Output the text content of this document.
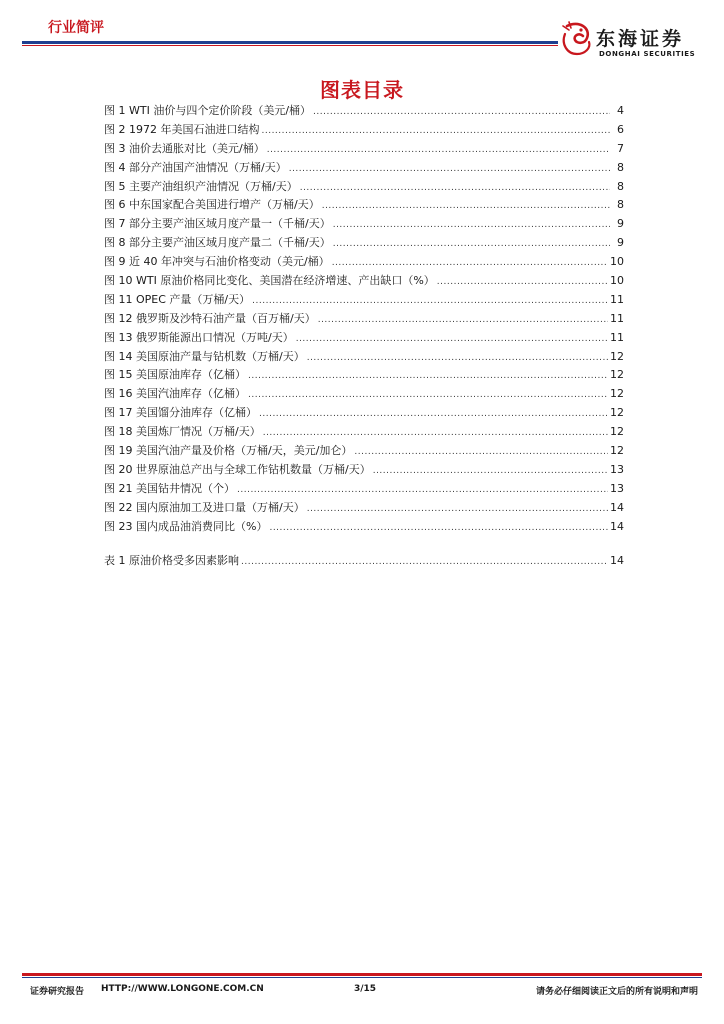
行业简评	东海证券
DONGHAI SECURITIES
图表目录
图 1 WTI 油价与四个定价阶段（美元/桶） .....	4
图 2 1972 年美国石油进口结构 .....	6
图 3 油价去通胀对比（美元/桶） .....	7
图 4 部分产油国产油情况（万桶/天） .....	8
图 5 主要产油组织产油情况（万桶/天） .....	8
图 6 中东国家配合美国进行增产（万桶/天） .....	8
图 7 部分主要产油区域月度产量一（千桶/天） .....	9
图 8 部分主要产油区域月度产量二（千桶/天） .....	9
图 9 近 40 年冲突与石油价格变动（美元/桶） .....	10
图 10 WTI 原油价格同比变化、美国潜在经济增速、产出缺口（%） .....	10
图 11 OPEC 产量（万桶/天） .....	11
图 12 俄罗斯及沙特石油产量（百万桶/天） .....	11
图 13 俄罗斯能源出口情况（万吨/天） .....	11
图 14 美国原油产量与钻机数（万桶/天） .....	12
图 15 美国原油库存（亿桶） .....	12
图 16 美国汽油库存（亿桶） .....	12
图 17 美国馏分油库存（亿桶） .....	12
图 18 美国炼厂情况（万桶/天） .....	12
图 19 美国汽油产量及价格（万桶/天，美元/加仑） .....	12
图 20 世界原油总产出与全球工作钻机数量（万桶/天） .....	13
图 21 美国钻井情况（个） .....	13
图 22 国内原油加工及进口量（万桶/天） .....	14
图 23 国内成品油消费同比（%） .....	14
表 1 原油价格受多因素影响 .....	14
证券研究报告 HTTP://WWW.LONGONE.COM.CN	3/15	请务必仔细阅读正文后的所有说明和声明
